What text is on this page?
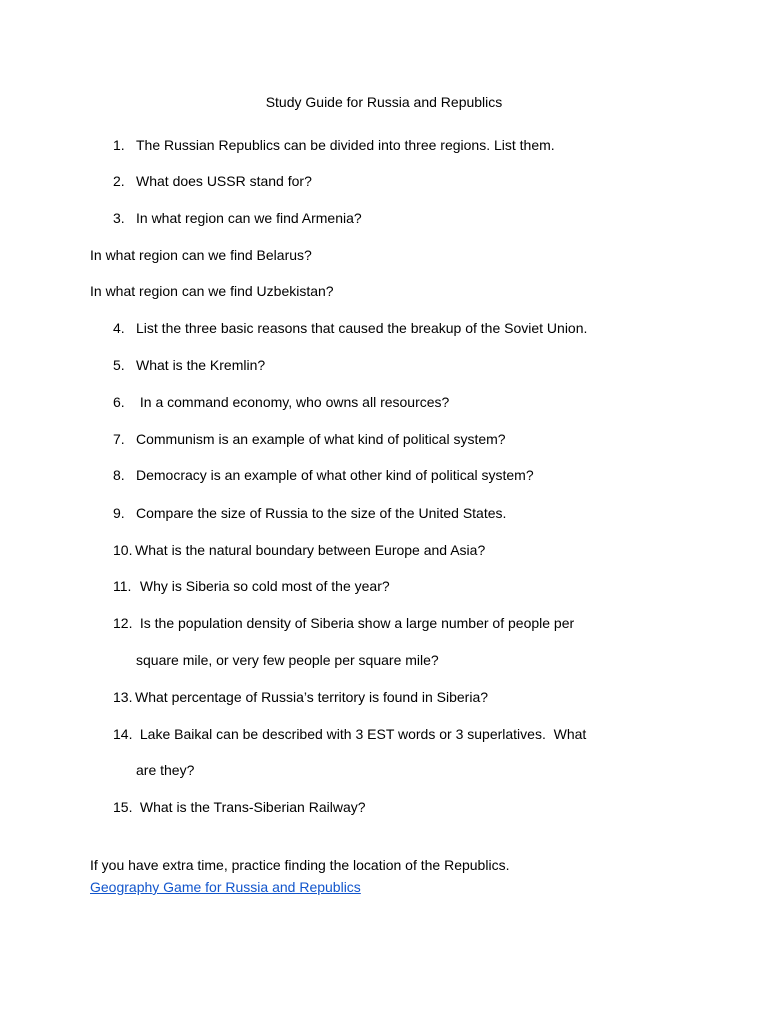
Study Guide for Russia and Republics
1. The Russian Republics can be divided into three regions. List them.
2. What does USSR stand for?
3. In what region can we find Armenia?
In what region can we find Belarus?
In what region can we find Uzbekistan?
4. List the three basic reasons that caused the breakup of the Soviet Union.
5. What is the Kremlin?
6. In a command economy, who owns all resources?
7. Communism is an example of what kind of political system?
8. Democracy is an example of what other kind of political system?
9. Compare the size of Russia to the size of the United States.
10. What is the natural boundary between Europe and Asia?
11. Why is Siberia so cold most of the year?
12. Is the population density of Siberia show a large number of people per
square mile, or very few people per square mile?
13. What percentage of Russia’s territory is found in Siberia?
14. Lake Baikal can be described with 3 EST words or 3 superlatives.  What
are they?
15. What is the Trans-Siberian Railway?
If you have extra time, practice finding the location of the Republics.
Geography Game for Russia and Republics
